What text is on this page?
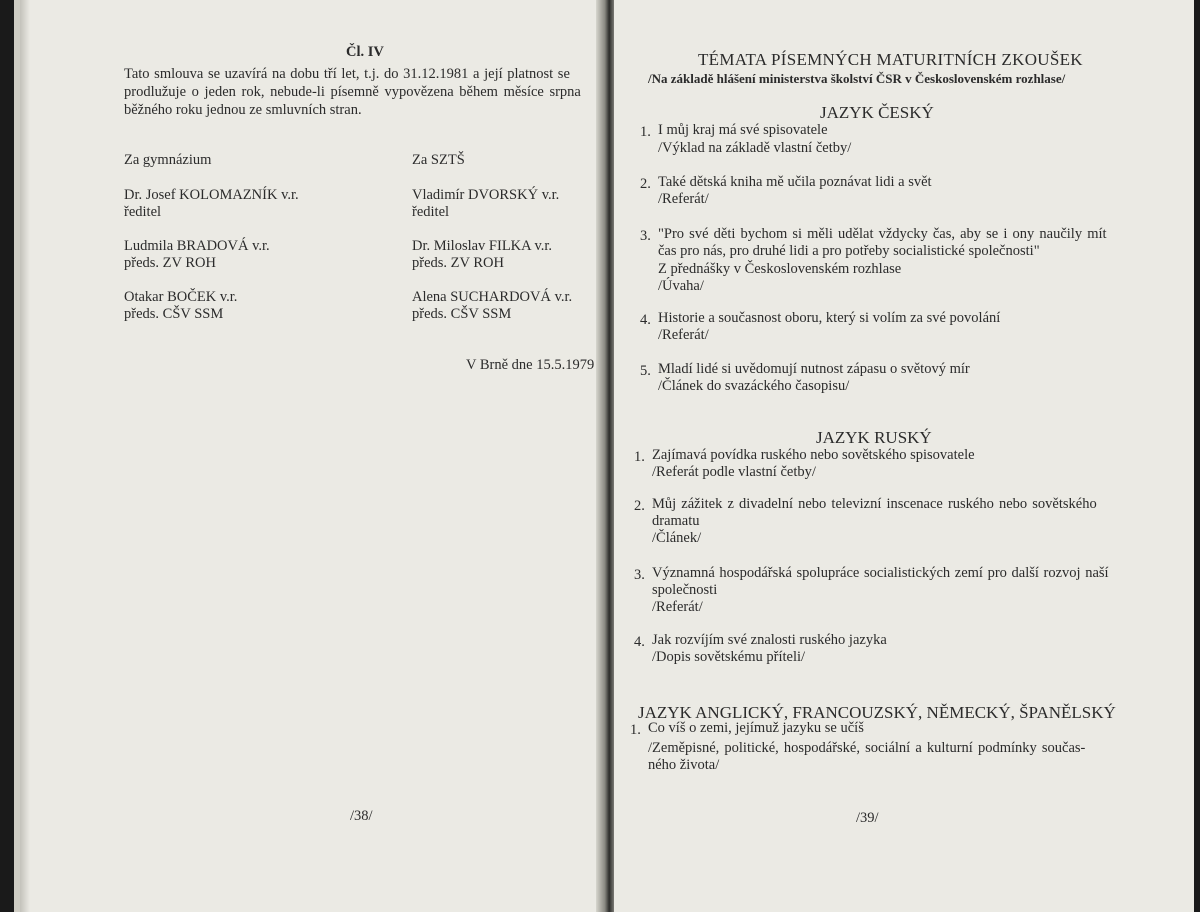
Čl. IV
Tato smlouva se uzavírá na dobu tří let, t.j. do 31.12.1981 a její platnost se
prodlužuje o jeden rok, nebude-li písemně vypovězena během měsíce srpna
běžného roku jednou ze smluvních stran.
Za gymnázium	Za SZTŠ
Dr. Josef KOLOMAZNÍK v.r.
ředitel
Ludmila BRADOVÁ v.r.
předs. ZV ROH
Otakar BOČEK v.r.
předs. CŠV SSM
Vladimír DVORSKÝ v.r.
ředitel
Dr. Miloslav FILKA v.r.
předs. ZV ROH
Alena SUCHARDOVÁ v.r.
předs. CŠV SSM
V Brně dne 15.5.1979
/38/
TÉMATA PÍSEMNÝCH MATURITNÍCH ZKOUŠEK
/Na základě hlášení ministerstva školství ČSR v Československém rozhlase/
JAZYK ČESKÝ
1. I můj kraj má své spisovatele
/Výklad na základě vlastní četby/
2. Také dětská kniha mě učila poznávat lidi a svět
/Referát/
3. "Pro své děti bychom si měli udělat vždycky čas, aby se i ony naučily mít
čas pro nás, pro druhé lidi a pro potřeby socialistické společnosti"
Z přednášky v Československém rozhlase
/Úvaha/
4. Historie a současnost oboru, který si volím za své povolání
/Referát/
5. Mladí lidé si uvědomují nutnost zápasu o světový mír
/Článek do svazáckého časopisu/
JAZYK RUSKÝ
1. Zajímavá povídka ruského nebo sovětského spisovatele
/Referát podle vlastní četby/
2. Můj zážitek z divadelní nebo televizní inscenace ruského nebo sovětského
dramatu
/Článek/
3. Významná hospodářská spolupráce socialistických zemí pro další rozvoj naší
společnosti
/Referát/
4. Jak rozvíjím své znalosti ruského jazyka
/Dopis sovětskému příteli/
JAZYK ANGLICKÝ, FRANCOUZSKÝ, NĚMECKÝ, ŠPANĚLSKÝ
1. Co víš o zemi, jejímuž jazyku se učíš
/Zeměpisné, politické, hospodářské, sociální a kulturní podmínky součas-
ného života/
/39/
